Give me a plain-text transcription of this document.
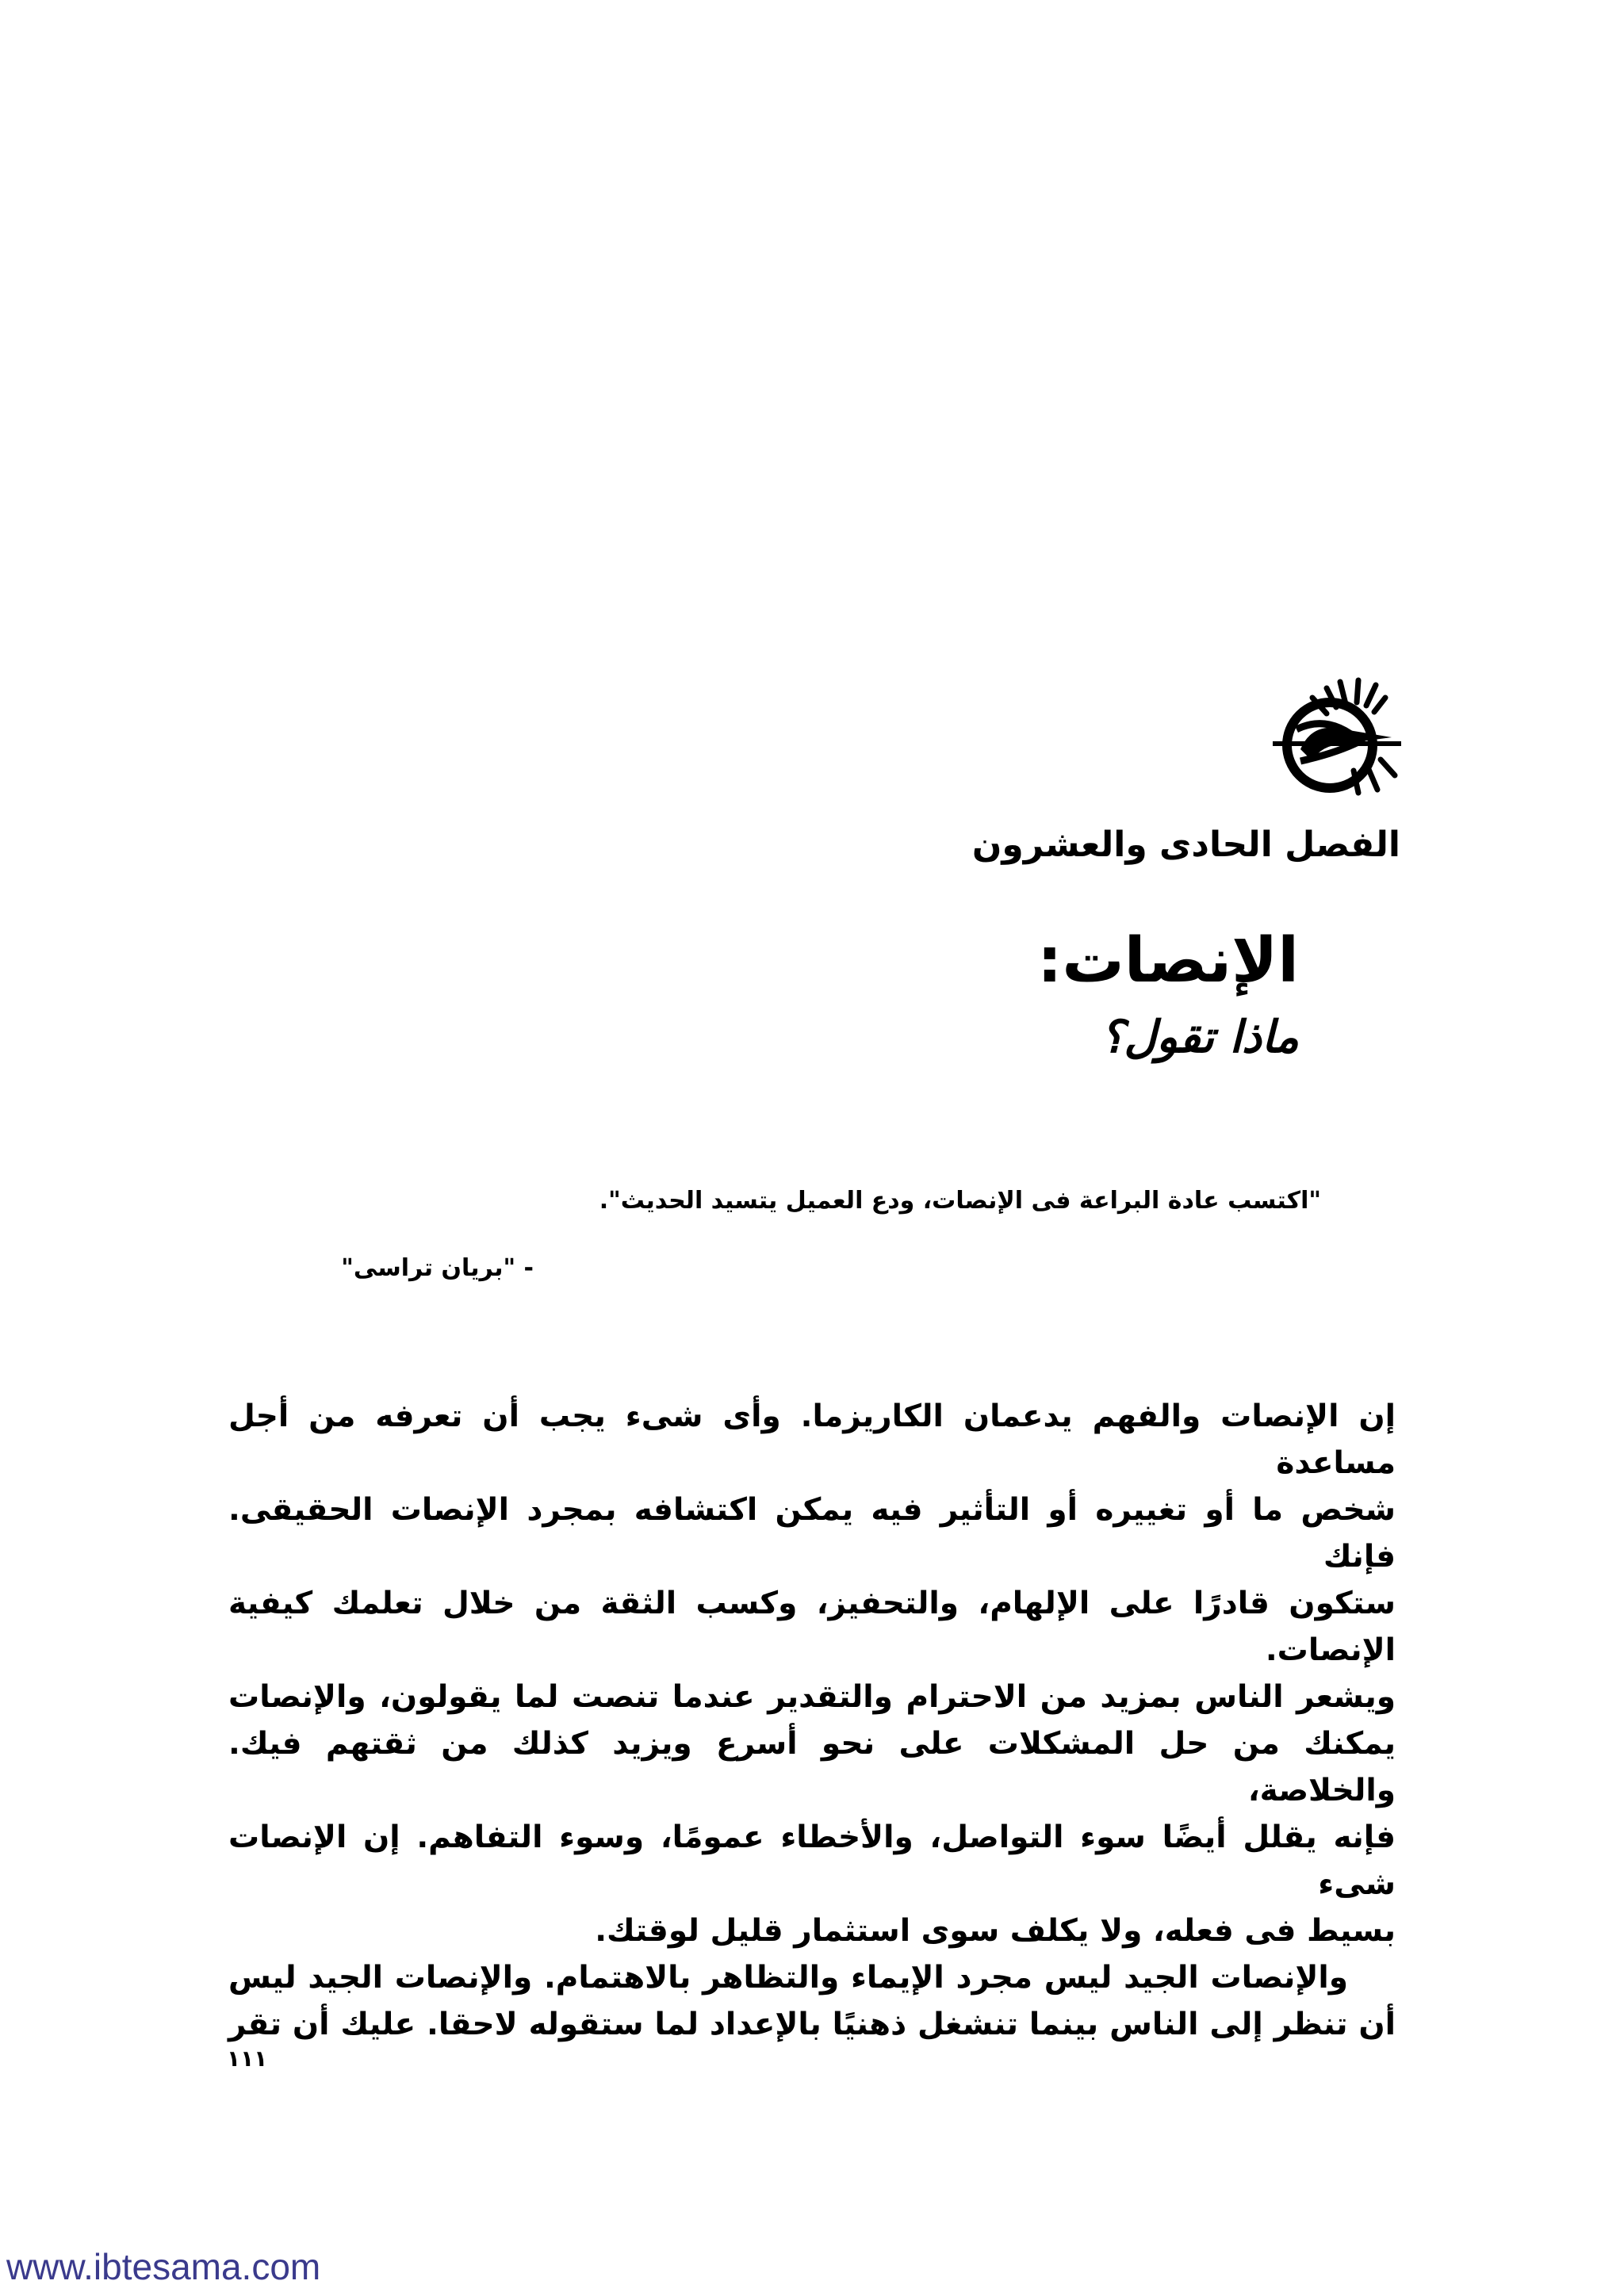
الفصل الحادى والعشرون
الإنصات:
ماذا تقول؟
"اكتسب عادة البراعة فى الإنصات، ودع العميل يتسيد الحديث".
- "بريان تراسى"

إن الإنصات والفهم يدعمان الكاريزما. وأى شىء يجب أن تعرفه من أجل مساعدة

شخص ما أو تغييره أو التأثير فيه يمكن اكتشافه بمجرد الإنصات الحقيقى. فإنك

ستكون قادرًا على الإلهام، والتحفيز، وكسب الثقة من خلال تعلمك كيفية الإنصات.

ويشعر الناس بمزيد من الاحترام والتقدير عندما تنصت لما يقولون، والإنصات

يمكنك من حل المشكلات على نحو أسرع ويزيد كذلك من ثقتهم فيك. والخلاصة،

فإنه يقلل أيضًا سوء التواصل، والأخطاء عمومًا، وسوء التفاهم. إن الإنصات شىء

بسيط فى فعله، ولا يكلف سوى استثمار قليل لوقتك.

والإنصات الجيد ليس مجرد الإيماء والتظاهر بالاهتمام. والإنصات الجيد ليس

أن تنظر إلى الناس بينما تنشغل ذهنيًا بالإعداد لما ستقوله لاحقا. عليك أن تقر

١١١
www.ibtesama.com
